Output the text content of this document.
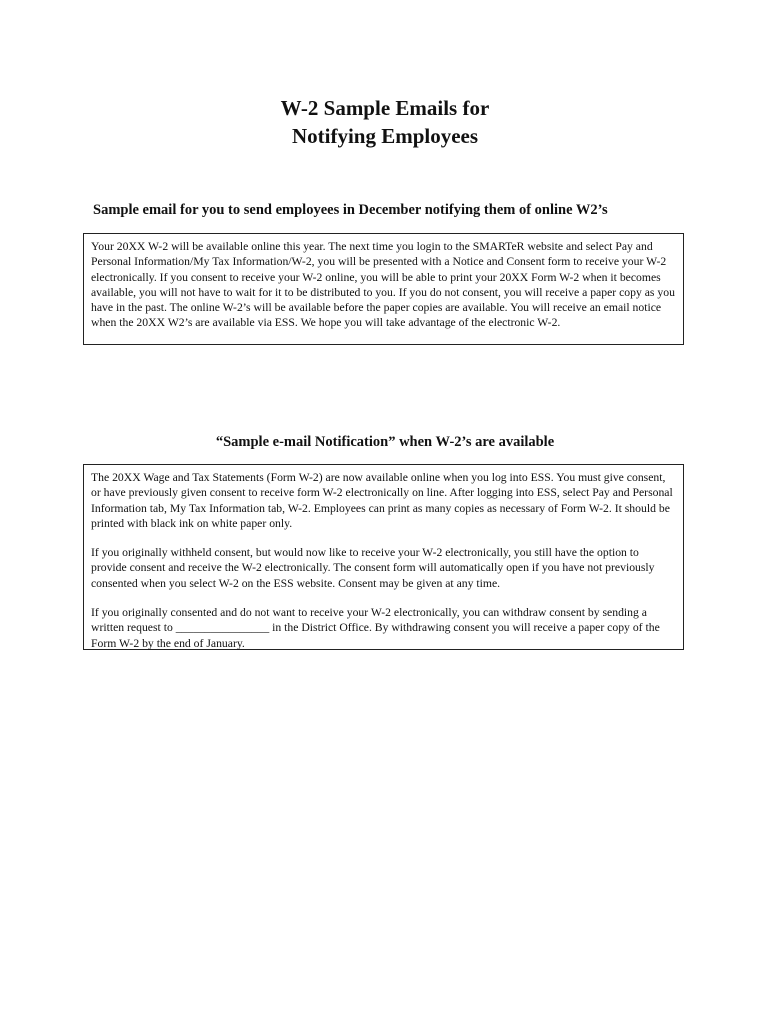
W-2 Sample Emails for
Notifying Employees
Sample email for you to send employees in December notifying them of online W2’s

Your 20XX W-2 will be available online this year. The next time you login to the SMARTeR website and select Pay and Personal Information/My Tax Information/W-2, you will be presented with a Notice and Consent form to receive your W-2 electronically. If you consent to receive your W-2 online, you will be able to print your 20XX Form W-2 when it becomes available, you will not have to wait for it to be distributed to you. If you do not consent, you will receive a paper copy as you have in the past. The online W-2’s will be available before the paper copies are available. You will receive an email notice when the 20XX W2’s are available via ESS. We hope you will take advantage of the electronic W-2.

“Sample e-mail Notification” when W-2’s are available

The 20XX Wage and Tax Statements (Form W-2) are now available online when you log into ESS. You must give consent, or have previously given consent to receive form W-2 electronically on line. After logging into ESS, select Pay and Personal Information tab, My Tax Information tab, W-2. Employees can print as many copies as necessary of Form W-2. It should be printed with black ink on white paper only.

If you originally withheld consent, but would now like to receive your W-2 electronically, you still have the option to provide consent and receive the W-2 electronically. The consent form will automatically open if you have not previously consented when you select W-2 on the ESS website. Consent may be given at any time.

If you originally consented and do not want to receive your W-2 electronically, you can withdraw consent by sending a written request to ________________ in the District Office. By withdrawing consent you will receive a paper copy of the Form W-2 by the end of January.
